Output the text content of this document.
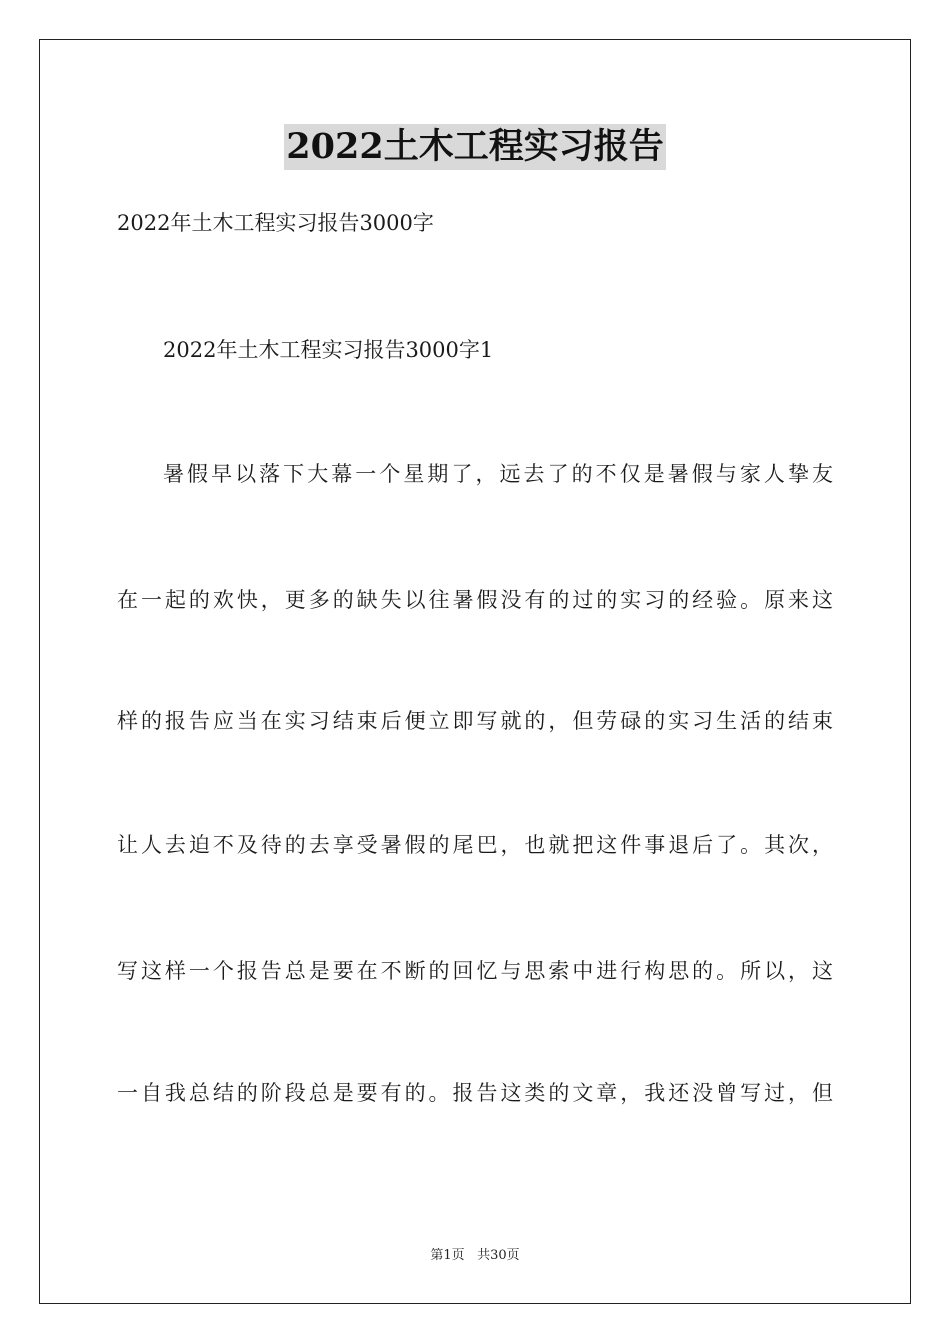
2022土木工程实习报告
2022年土木工程实习报告3000字
2022年土木工程实习报告3000字1
暑假早以落下大幕一个星期了，远去了的不仅是暑假与家人挚友
在一起的欢快，更多的缺失以往暑假没有的过的实习的经验。原来这
样的报告应当在实习结束后便立即写就的，但劳碌的实习生活的结束
让人去迫不及待的去享受暑假的尾巴，也就把这件事退后了。其次，
写这样一个报告总是要在不断的回忆与思索中进行构思的。所以，这
一自我总结的阶段总是要有的。报告这类的文章，我还没曾写过，但
第1页 共30页
